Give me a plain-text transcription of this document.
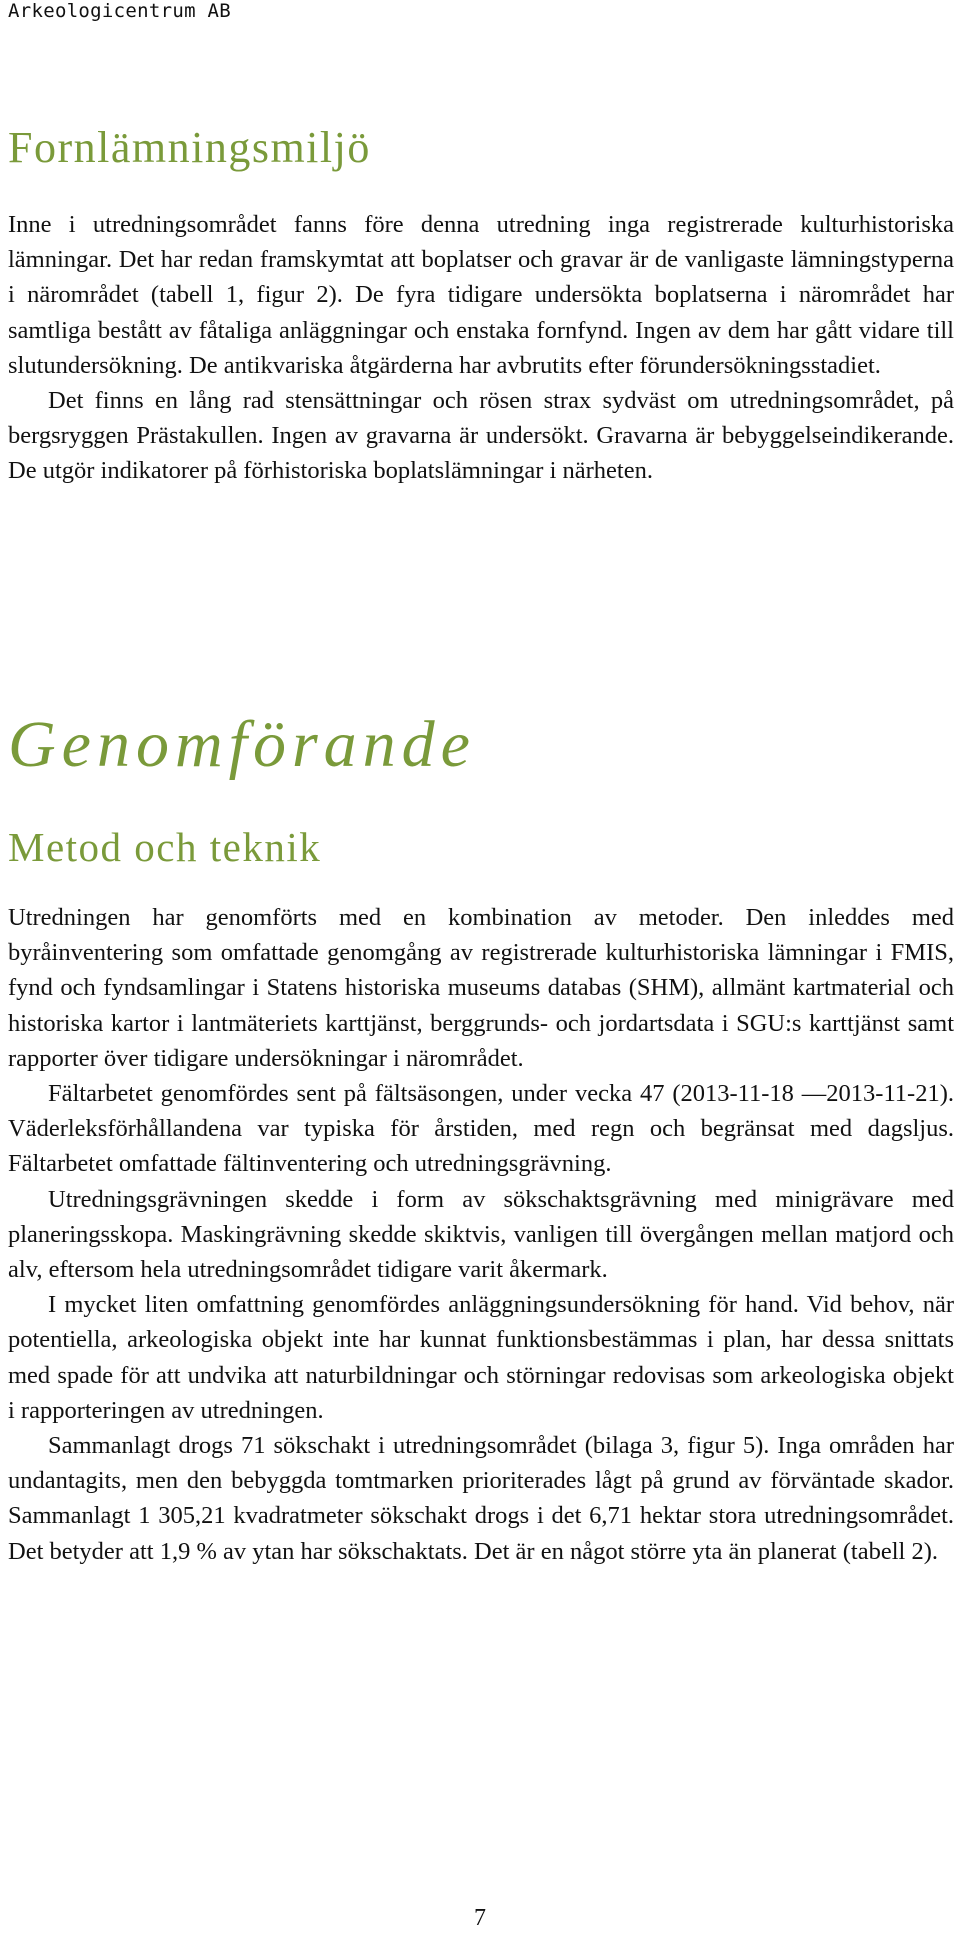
Arkeologicentrum AB
Fornlämningsmiljö

Inne i utredningsområdet fanns före denna utredning inga registrerade kulturhistoriska lämningar. Det har redan framskymtat att boplatser och gravar är de vanligaste lämningstyperna i närområdet (tabell 1, figur 2). De fyra tidigare undersökta boplatserna i närområdet har samtliga bestått av fåtaliga anläggningar och enstaka fornfynd. Ingen av dem har gått vidare till slutundersökning. De antikvariska åtgärderna har avbrutits efter förundersökningsstadiet.

Det finns en lång rad stensättningar och rösen strax sydväst om utredningsområdet, på bergsryggen Prästakullen. Ingen av gravarna är undersökt. Gravarna är bebyggelseindikerande. De utgör indikatorer på förhistoriska boplatslämningar i närheten.

Genomförande
Metod och teknik

Utredningen har genomförts med en kombination av metoder. Den inleddes med byråinventering som omfattade genomgång av registrerade kulturhistoriska lämningar i FMIS, fynd och fyndsamlingar i Statens historiska museums databas (SHM), allmänt kartmaterial och historiska kartor i lantmäteriets karttjänst, berggrunds- och jordartsdata i SGU:s karttjänst samt rapporter över tidigare undersökningar i närområdet.

Fältarbetet genomfördes sent på fältsäsongen, under vecka 47 (2013-11-18 —2013-11-21). Väderleksförhållandena var typiska för årstiden, med regn och begränsat med dagsljus. Fältarbetet omfattade fältinventering och utredningsgrävning.

Utredningsgrävningen skedde i form av sökschaktsgrävning med minigrävare med planeringsskopa. Maskingrävning skedde skiktvis, vanligen till övergången mellan matjord och alv, eftersom hela utredningsområdet tidigare varit åkermark.

I mycket liten omfattning genomfördes anläggningsundersökning för hand. Vid behov, när potentiella, arkeologiska objekt inte har kunnat funktionsbestämmas i plan, har dessa snittats med spade för att undvika att naturbildningar och störningar redovisas som arkeologiska objekt i rapporteringen av utredningen.

Sammanlagt drogs 71 sökschakt i utredningsområdet (bilaga 3, figur 5). Inga områden har undantagits, men den bebyggda tomtmarken prioriterades lågt på grund av förväntade skador. Sammanlagt 1 305,21 kvadratmeter sökschakt drogs i det 6,71 hektar stora utredningsområdet. Det betyder att 1,9 % av ytan har sökschaktats. Det är en något större yta än planerat (tabell 2).

7
